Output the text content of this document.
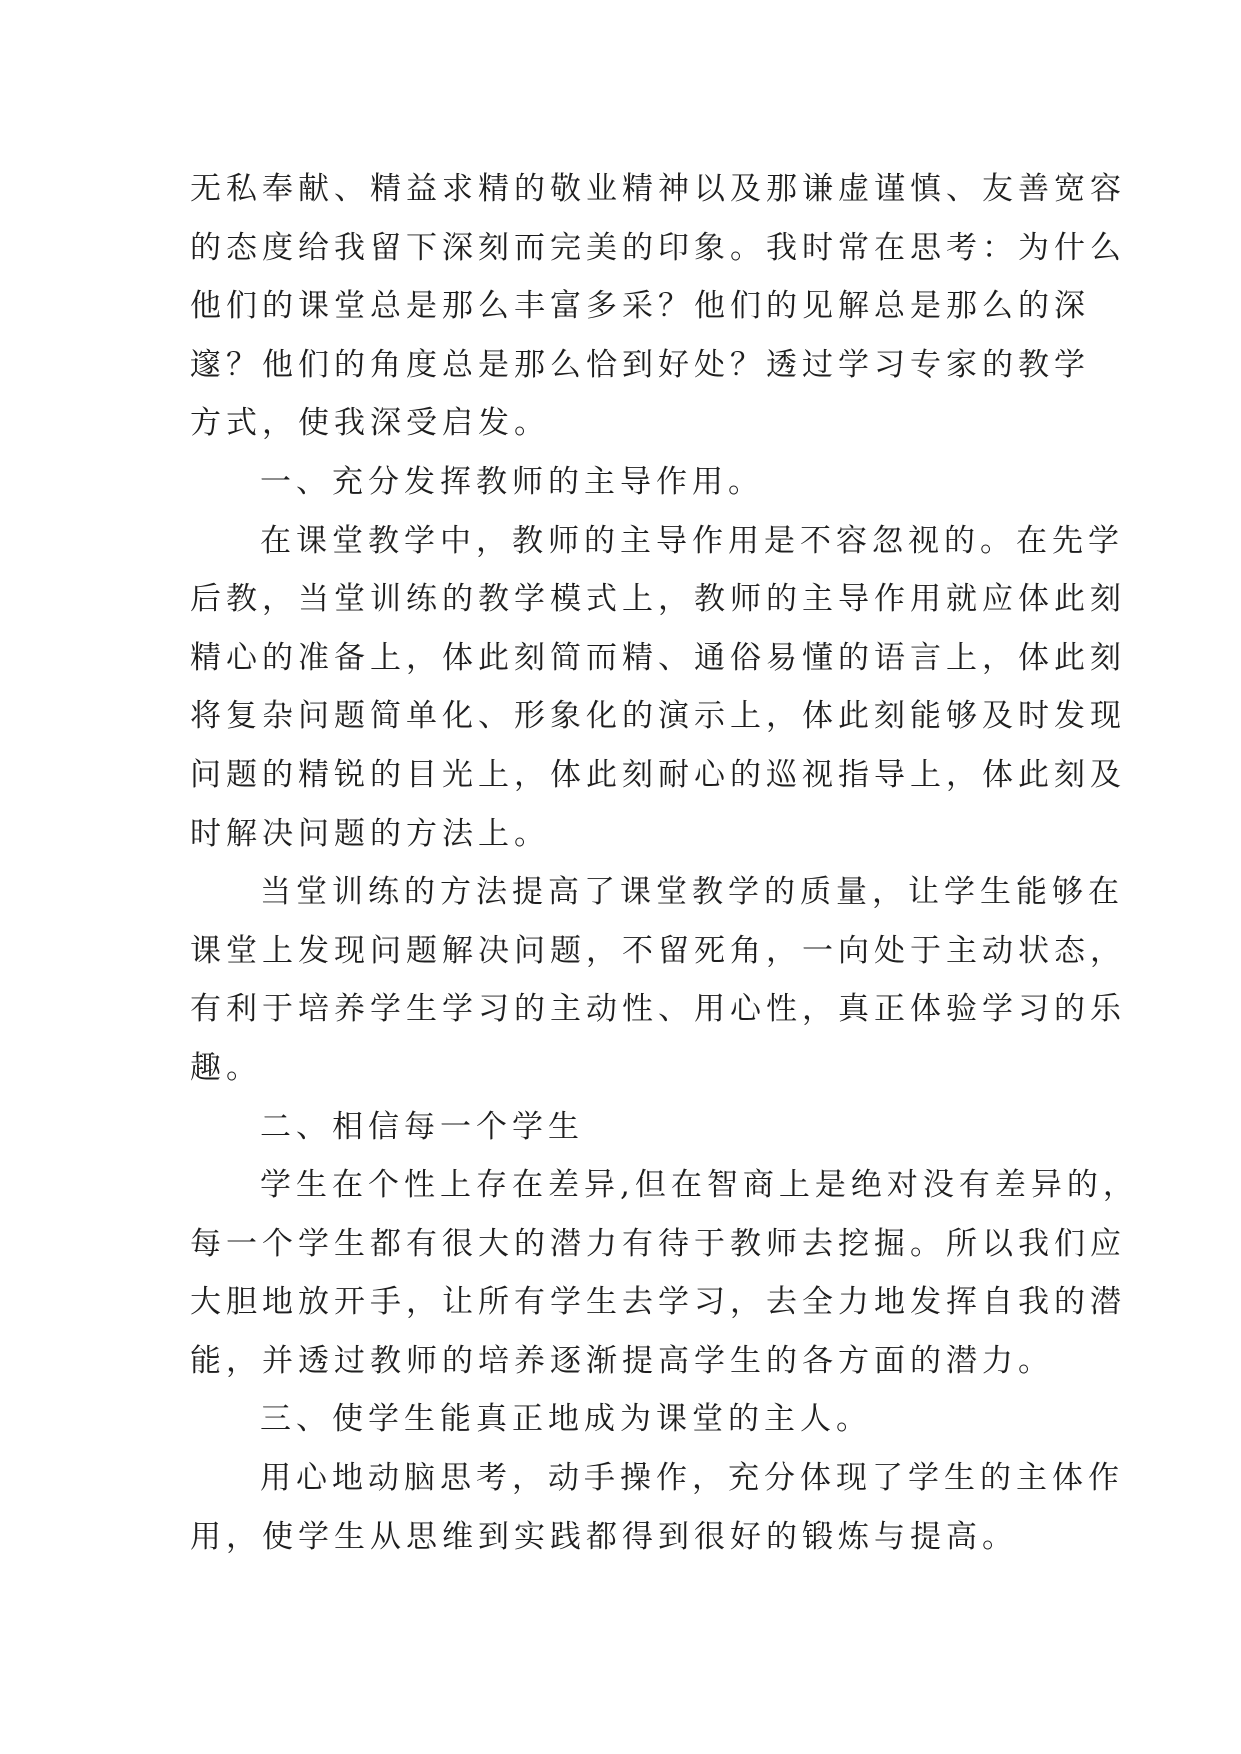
无私奉献、精益求精的敬业精神以及那谦虚谨慎、友善宽容
的态度给我留下深刻而完美的印象。我时常在思考：为什么
他们的课堂总是那么丰富多采？他们的见解总是那么的深
邃？他们的角度总是那么恰到好处？透过学习专家的教学
方式，使我深受启发。
一、充分发挥教师的主导作用。
在课堂教学中，教师的主导作用是不容忽视的。在先学
后教，当堂训练的教学模式上，教师的主导作用就应体此刻
精心的准备上，体此刻简而精、通俗易懂的语言上，体此刻
将复杂问题简单化、形象化的演示上，体此刻能够及时发现
问题的精锐的目光上，体此刻耐心的巡视指导上，体此刻及
时解决问题的方法上。
当堂训练的方法提高了课堂教学的质量，让学生能够在
课堂上发现问题解决问题，不留死角，一向处于主动状态，
有利于培养学生学习的主动性、用心性，真正体验学习的乐
趣。
二、相信每一个学生
学生在个性上存在差异,但在智商上是绝对没有差异的，
每一个学生都有很大的潜力有待于教师去挖掘。所以我们应
大胆地放开手，让所有学生去学习，去全力地发挥自我的潜
能，并透过教师的培养逐渐提高学生的各方面的潜力。
三、使学生能真正地成为课堂的主人。
用心地动脑思考，动手操作，充分体现了学生的主体作
用，使学生从思维到实践都得到很好的锻炼与提高。
